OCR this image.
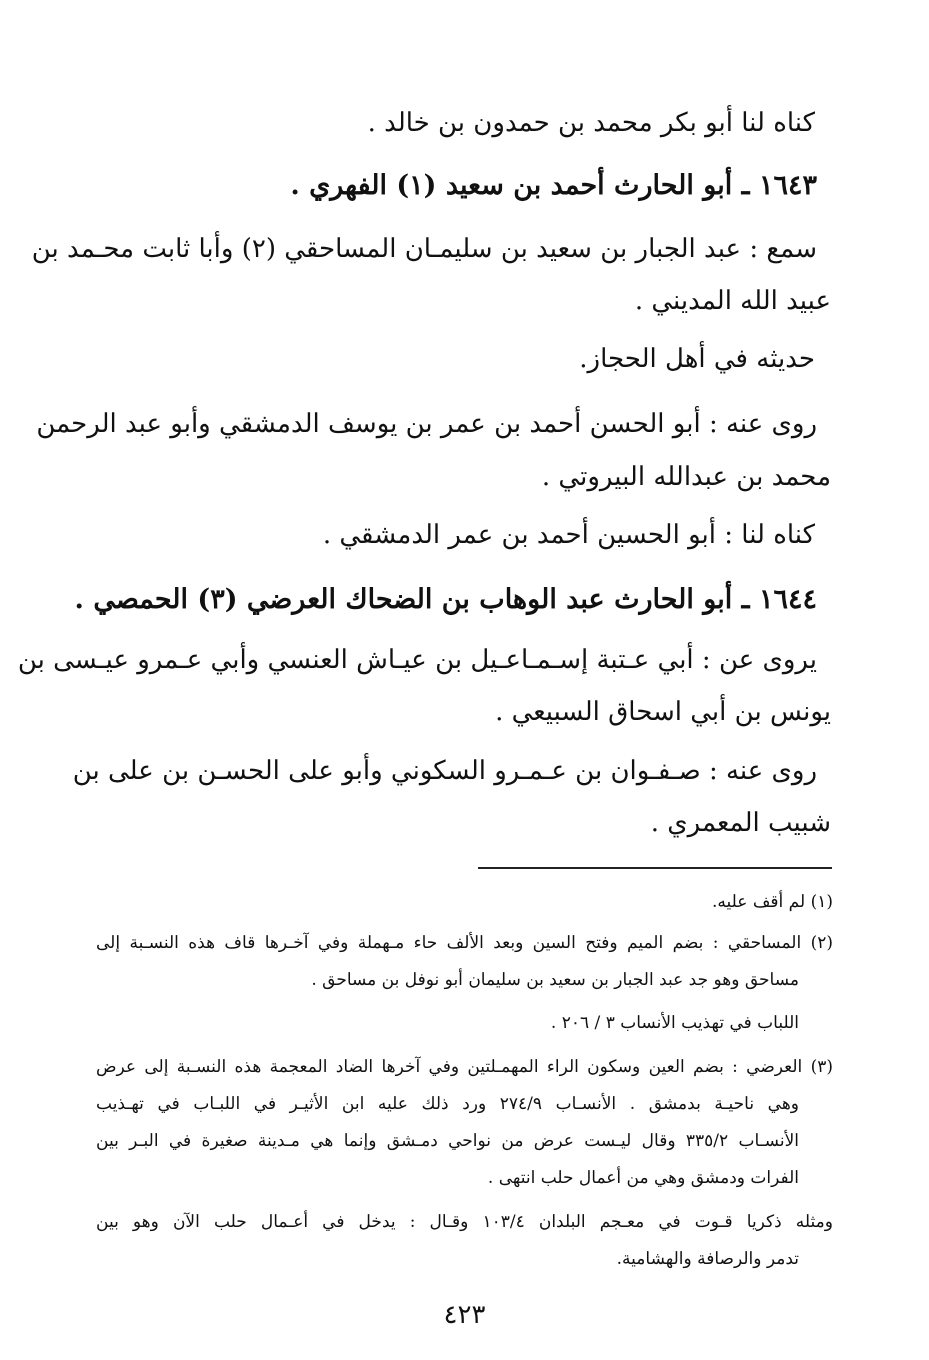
كناه لنا أبو بكر محمد بن حمدون بن خالد .
١٦٤٣ ـ أبو الحارث أحمد بن سعيد (١) الفهري .
سمع : عبد الجبار بن سعيد بن سليمـان المساحقي (٢) وأبا ثابت محـمد بن
عبيد الله المديني .
حديثه في أهل الحجاز.
روى عنه : أبو الحسن أحمد بن عمر بن يوسف الدمشقي وأبو عبد الرحمن
محمد بن عبدالله البيروتي .
كناه لنا : أبو الحسين أحمد بن عمر الدمشقي .
١٦٤٤ ـ أبو الحارث عبد الوهاب بن الضحاك العرضي (٣) الحمصي .
يروى عن : أبي عـتبة إسـمـاعـيل بن عيـاش العنسي وأبي عـمرو عيـسى بن
يونس بن أبي اسحاق السبيعي .
روى عنه : صـفـوان بن عـمـرو السكوني وأبو على الحسـن بن على بن
شبيب المعمري .
(١) لم أقف عليه.
(٢) المساحقي : بضم الميم وفتح السين وبعد الألف حاء مـهملة وفي آخـرها قاف هذه النسـبة إلى
مساحق وهو جد عبد الجبار بن سعيد بن سليمان أبو نوفل بن مساحق .
اللباب في تهذيب الأنساب ٣ / ٢٠٦ .
(٣) العرضي : بضم العين وسكون الراء المهمـلتين وفي آخرها الضاد المعجمة هذه النسـبة إلى عرض
وهي ناحيـة بدمشق . الأنسـاب ٢٧٤/٩ ورد ذلك عليه ابن الأثيـر في اللبـاب في تهـذيب
الأنسـاب ٣٣٥/٢ وقال ليـست عرض من نواحي دمـشق وإنما هي مـدينة صغيرة في البـر بين
الفرات ودمشق وهي من أعمال حلب انتهى .
ومثله ذكريا قـوت في معـجم البلدان ١٠٣/٤ وقـال : يدخل في أعـمال حلب الآن وهو بين
تدمر والرصافة والهشامية.
٤٢٣
